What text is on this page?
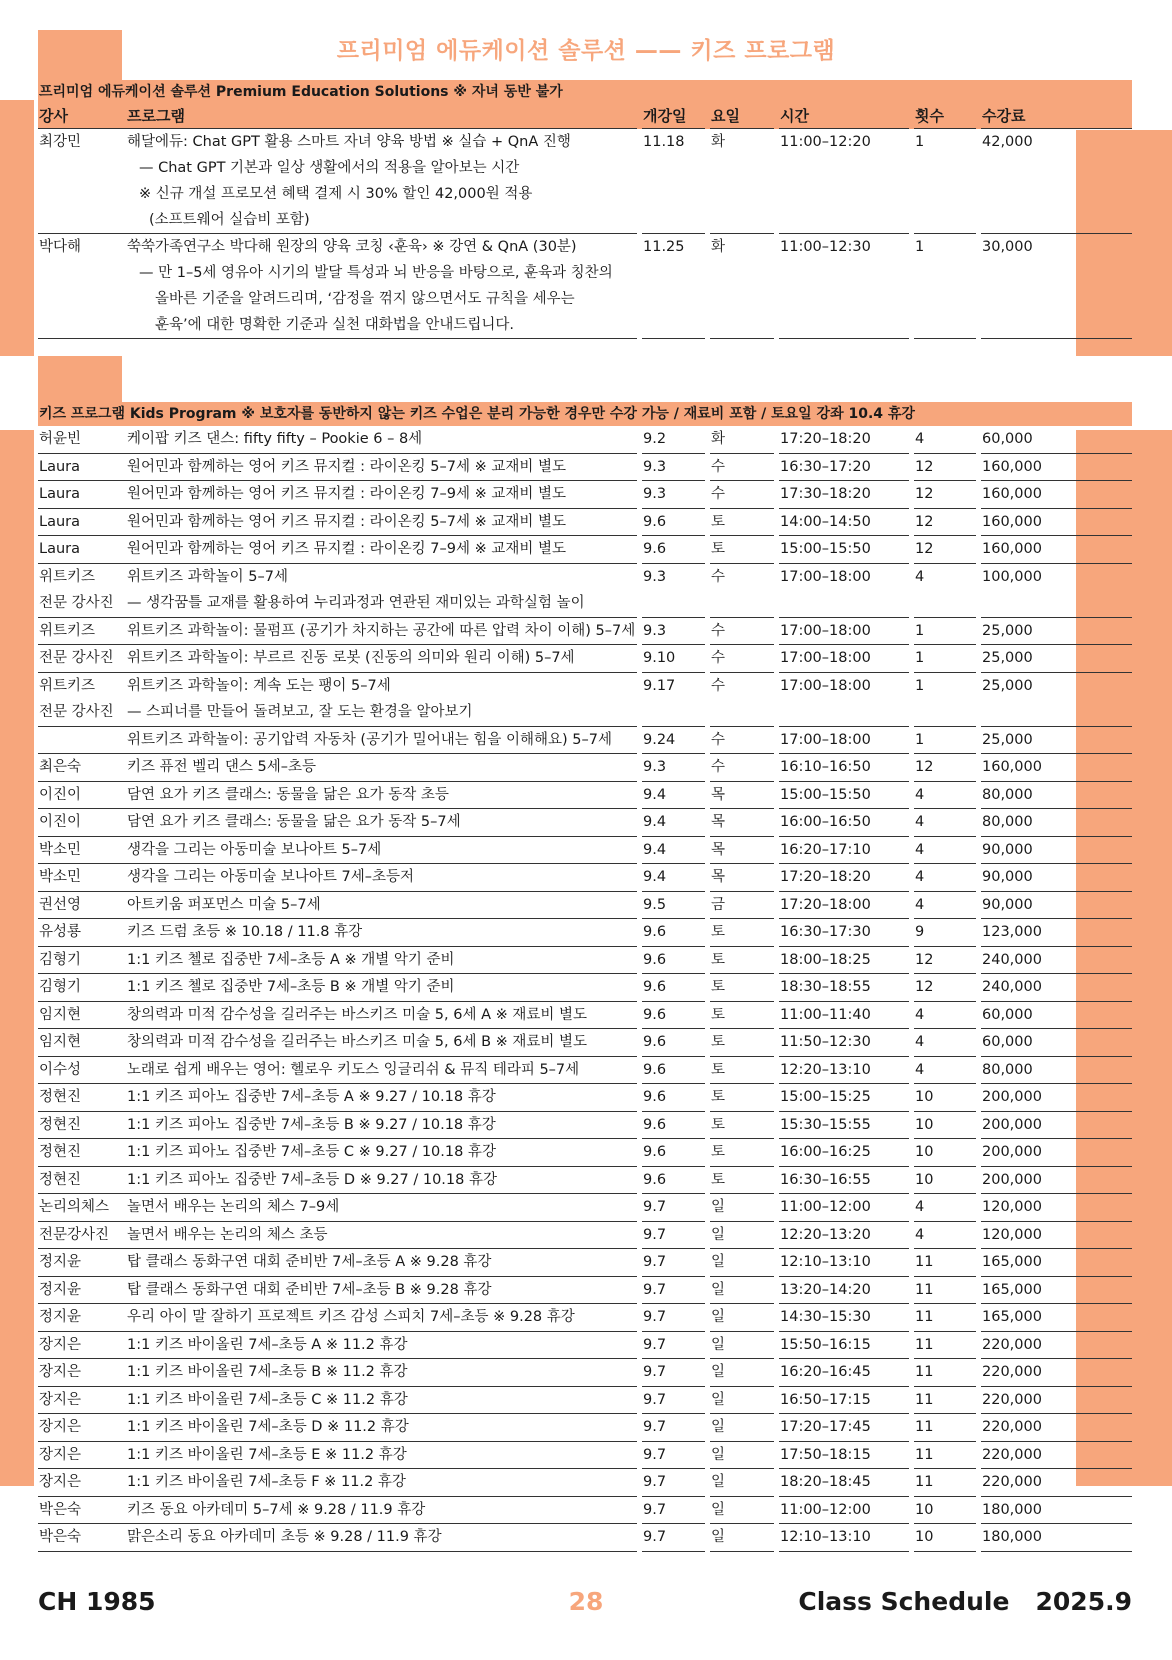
프리미엄 에듀케이션 솔루션 —— 키즈 프로그램
프리미엄 에듀케이션 솔루션 Premium Education Solutions ※ 자녀 동반 불가
강사	프로그램		개강일		요일		시간		횟수		수강료
최강민	해달에듀: Chat GPT 활용 스마트 자녀 양육 방법 ※ 실습 + QnA 진행
— Chat GPT 기본과 일상 생활에서의 적용을 알아보는 시간
※ 신규 개설 프로모션 혜택 결제 시 30% 할인 42,000원 적용
(소프트웨어 실습비 포함)		11.18		화		11:00–12:20		1		42,000
박다해	쑥쑥가족연구소 박다해 원장의 양육 코칭 ‹훈육› ※ 강연 & QnA (30분)
— 만 1–5세 영유아 시기의 발달 특성과 뇌 반응을 바탕으로, 훈육과 칭찬의
올바른 기준을 알려드리며, ‘감정을 꺾지 않으면서도 규칙을 세우는
훈육’에 대한 명확한 기준과 실천 대화법을 안내드립니다.		11.25		화		11:00–12:30		1		30,000
키즈 프로그램 Kids Program ※ 보호자를 동반하지 않는 키즈 수업은 분리 가능한 경우만 수강 가능 / 재료비 포함 / 토요일 강좌 10.4 휴강
허윤빈	케이팝 키즈 댄스: fifty fifty – Pookie 6 – 8세		9.2		화		17:20–18:20		4		60,000
Laura	원어민과 함께하는 영어 키즈 뮤지컬 : 라이온킹 5–7세 ※ 교재비 별도		9.3		수		16:30–17:20		12		160,000
Laura	원어민과 함께하는 영어 키즈 뮤지컬 : 라이온킹 7–9세 ※ 교재비 별도		9.3		수		17:30–18:20		12		160,000
Laura	원어민과 함께하는 영어 키즈 뮤지컬 : 라이온킹 5–7세 ※ 교재비 별도		9.6		토		14:00–14:50		12		160,000
Laura	원어민과 함께하는 영어 키즈 뮤지컬 : 라이온킹 7–9세 ※ 교재비 별도		9.6		토		15:00–15:50		12		160,000
위트키즈	위트키즈 과학놀이 5–7세		9.3		수		17:00–18:00		4		100,000
전문 강사진	— 생각꿈틀 교재를 활용하여 누리과정과 연관된 재미있는 과학실험 놀이										
위트키즈	위트키즈 과학놀이: 물펌프 (공기가 차지하는 공간에 따른 압력 차이 이해) 5–7세		9.3		수		17:00–18:00		1		25,000
전문 강사진	위트키즈 과학놀이: 부르르 진동 로봇 (진동의 의미와 원리 이해) 5–7세		9.10		수		17:00–18:00		1		25,000
위트키즈	위트키즈 과학놀이: 계속 도는 팽이 5–7세		9.17		수		17:00–18:00		1		25,000
전문 강사진	— 스피너를 만들어 돌려보고, 잘 도는 환경을 알아보기										
	위트키즈 과학놀이: 공기압력 자동차 (공기가 밀어내는 힘을 이해해요) 5–7세		9.24		수		17:00–18:00		1		25,000
최은숙	키즈 퓨전 벨리 댄스 5세–초등		9.3		수		16:10–16:50		12		160,000
이진이	담연 요가 키즈 클래스: 동물을 닮은 요가 동작 초등		9.4		목		15:00–15:50		4		80,000
이진이	담연 요가 키즈 클래스: 동물을 닮은 요가 동작 5–7세		9.4		목		16:00–16:50		4		80,000
박소민	생각을 그리는 아동미술 보나아트 5–7세		9.4		목		16:20–17:10		4		90,000
박소민	생각을 그리는 아동미술 보나아트 7세–초등저		9.4		목		17:20–18:20		4		90,000
권선영	아트키움 퍼포먼스 미술 5–7세		9.5		금		17:20–18:00		4		90,000
유성룡	키즈 드럼 초등 ※ 10.18 / 11.8 휴강		9.6		토		16:30–17:30		9		123,000
김형기	1:1 키즈 첼로 집중반 7세–초등 A ※ 개별 악기 준비		9.6		토		18:00–18:25		12		240,000
김형기	1:1 키즈 첼로 집중반 7세–초등 B ※ 개별 악기 준비		9.6		토		18:30–18:55		12		240,000
임지현	창의력과 미적 감수성을 길러주는 바스키즈 미술 5, 6세 A ※ 재료비 별도		9.6		토		11:00–11:40		4		60,000
임지현	창의력과 미적 감수성을 길러주는 바스키즈 미술 5, 6세 B ※ 재료비 별도		9.6		토		11:50–12:30		4		60,000
이수성	노래로 쉽게 배우는 영어: 헬로우 키도스 잉글리쉬 & 뮤직 테라피 5–7세		9.6		토		12:20–13:10		4		80,000
정현진	1:1 키즈 피아노 집중반 7세–초등 A ※ 9.27 / 10.18 휴강		9.6		토		15:00–15:25		10		200,000
정현진	1:1 키즈 피아노 집중반 7세–초등 B ※ 9.27 / 10.18 휴강		9.6		토		15:30–15:55		10		200,000
정현진	1:1 키즈 피아노 집중반 7세–초등 C ※ 9.27 / 10.18 휴강		9.6		토		16:00–16:25		10		200,000
정현진	1:1 키즈 피아노 집중반 7세–초등 D ※ 9.27 / 10.18 휴강		9.6		토		16:30–16:55		10		200,000
논리의체스	놀면서 배우는 논리의 체스 7–9세		9.7		일		11:00–12:00		4		120,000
전문강사진	놀면서 배우는 논리의 체스 초등		9.7		일		12:20–13:20		4		120,000
정지윤	탑 클래스 동화구연 대회 준비반 7세–초등 A ※ 9.28 휴강		9.7		일		12:10–13:10		11		165,000
정지윤	탑 클래스 동화구연 대회 준비반 7세–초등 B ※ 9.28 휴강		9.7		일		13:20–14:20		11		165,000
정지윤	우리 아이 말 잘하기 프로젝트 키즈 감성 스피치 7세–초등 ※ 9.28 휴강		9.7		일		14:30–15:30		11		165,000
장지은	1:1 키즈 바이올린 7세–초등 A ※ 11.2 휴강		9.7		일		15:50–16:15		11		220,000
장지은	1:1 키즈 바이올린 7세–초등 B ※ 11.2 휴강		9.7		일		16:20–16:45		11		220,000
장지은	1:1 키즈 바이올린 7세–초등 C ※ 11.2 휴강		9.7		일		16:50–17:15		11		220,000
장지은	1:1 키즈 바이올린 7세–초등 D ※ 11.2 휴강		9.7		일		17:20–17:45		11		220,000
장지은	1:1 키즈 바이올린 7세–초등 E ※ 11.2 휴강		9.7		일		17:50–18:15		11		220,000
장지은	1:1 키즈 바이올린 7세–초등 F ※ 11.2 휴강		9.7		일		18:20–18:45		11		220,000
박은숙	키즈 동요 아카데미 5–7세 ※ 9.28 / 11.9 휴강		9.7		일		11:00–12:00		10		180,000
박은숙	맑은소리 동요 아카데미 초등 ※ 9.28 / 11.9 휴강		9.7		일		12:10–13:10		10		180,000
CH 1985	28	Class Schedule   2025.9
